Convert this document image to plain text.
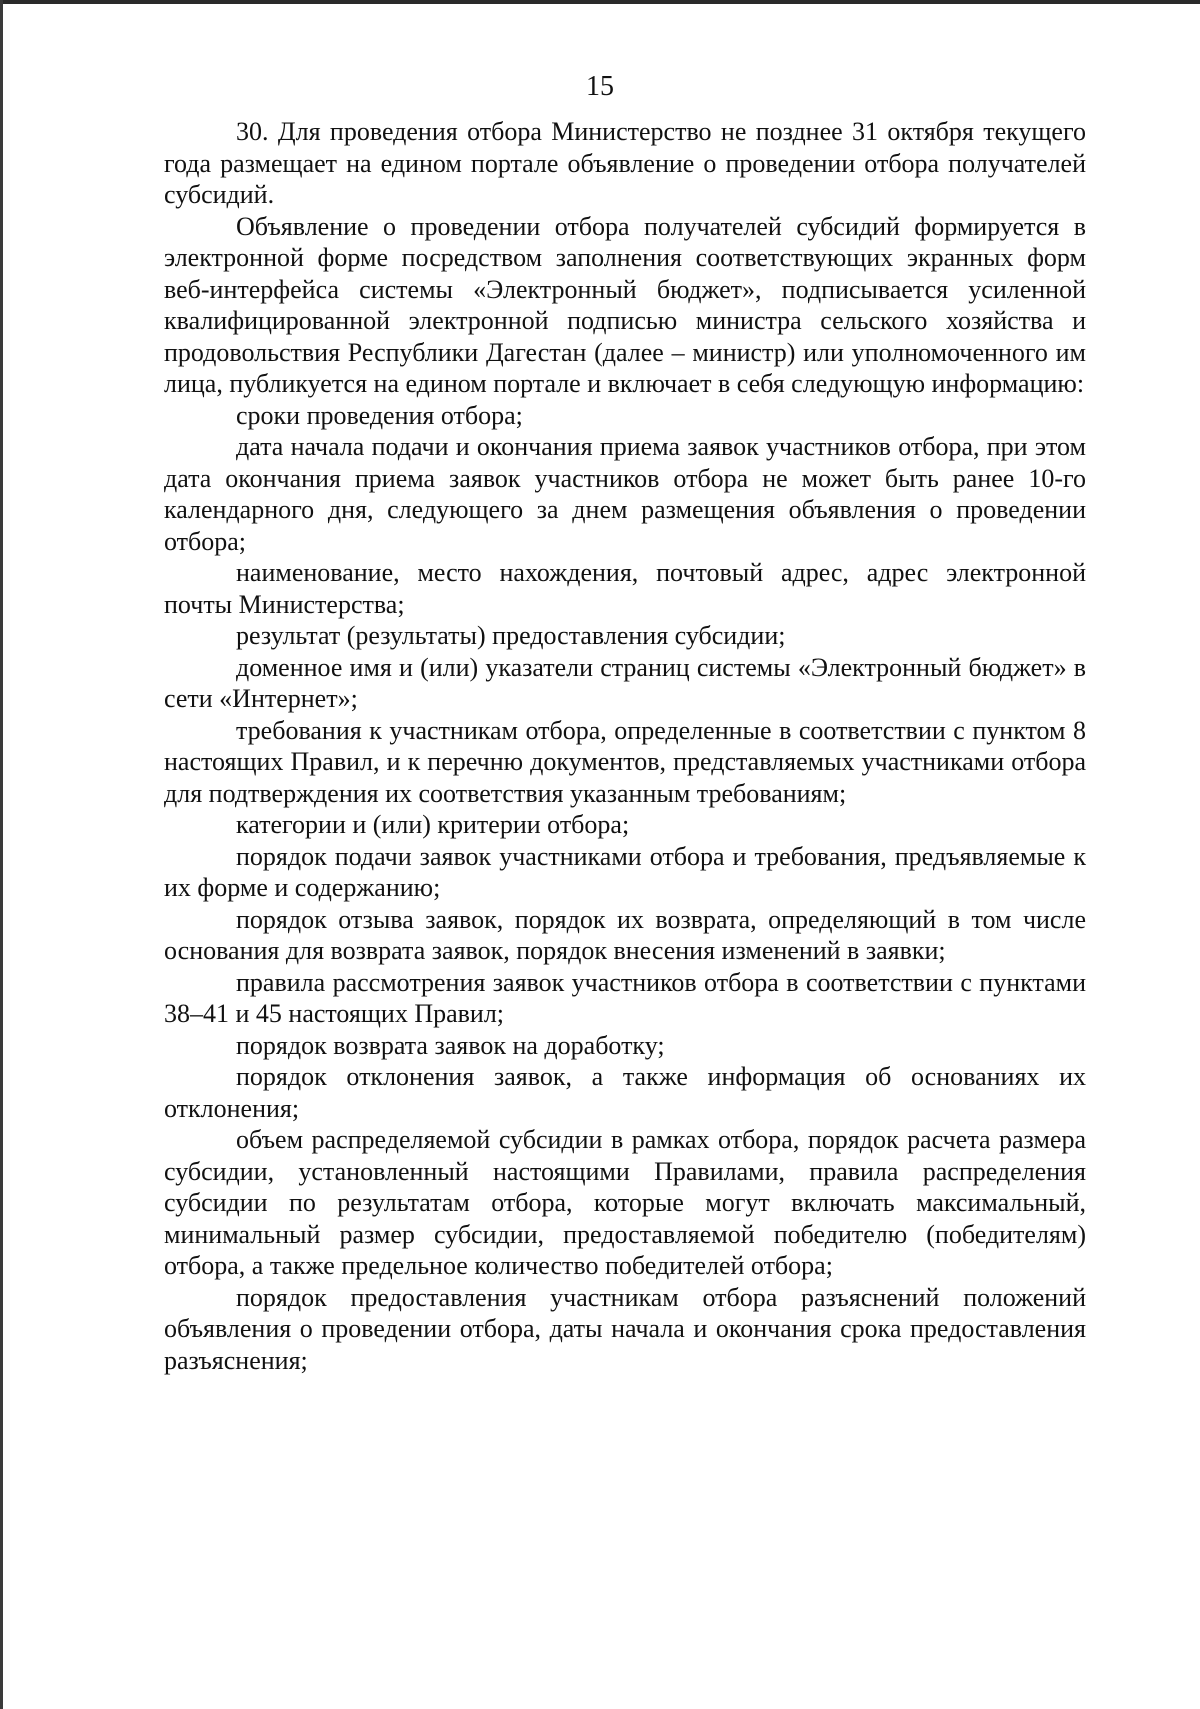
15

30. Для проведения отбора Министерство не позднее 31 октября текущего года размещает на едином портале объявление о проведении отбора получателей субсидий.

Объявление о проведении отбора получателей субсидий формируется в электронной форме посредством заполнения соответствующих экранных форм веб-интерфейса системы «Электронный бюджет», подписывается усиленной квалифицированной электронной подписью министра сельского хозяйства и продовольствия Республики Дагестан (далее – министр) или уполномоченного им лица, публикуется на едином портале и включает в себя следующую информацию:

сроки проведения отбора;

дата начала подачи и окончания приема заявок участников отбора, при этом дата окончания приема заявок участников отбора не может быть ранее 10-го календарного дня, следующего за днем размещения объявления о проведении отбора;

наименование, место нахождения, почтовый адрес, адрес электронной почты Министерства;

результат (результаты) предоставления субсидии;

доменное имя и (или) указатели страниц системы «Электронный бюджет» в сети «Интернет»;

требования к участникам отбора, определенные в соответствии с пунктом 8 настоящих Правил, и к перечню документов, представляемых участниками отбора для подтверждения их соответствия указанным требованиям;

категории и (или) критерии отбора;

порядок подачи заявок участниками отбора и требования, предъявляемые к их форме и содержанию;

порядок отзыва заявок, порядок их возврата, определяющий в том числе основания для возврата заявок, порядок внесения изменений в заявки;

правила рассмотрения заявок участников отбора в соответствии с пунктами 38–41 и 45 настоящих Правил;

порядок возврата заявок на доработку;

порядок отклонения заявок, а также информация об основаниях их отклонения;

объем распределяемой субсидии в рамках отбора, порядок расчета размера субсидии, установленный настоящими Правилами, правила распределения субсидии по результатам отбора, которые могут включать максимальный, минимальный размер субсидии, предоставляемой победителю (победителям) отбора, а также предельное количество победителей отбора;

порядок предоставления участникам отбора разъяснений положений объявления о проведении отбора, даты начала и окончания срока предоставления разъяснения;
